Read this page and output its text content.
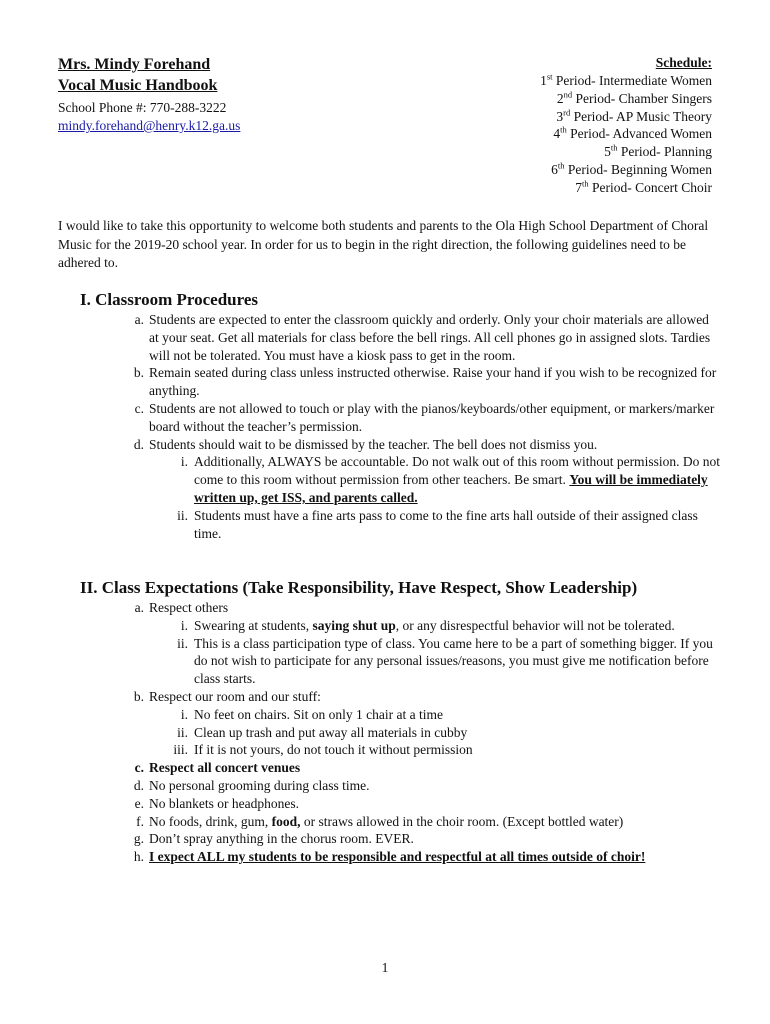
Mrs. Mindy Forehand
Vocal Music Handbook
School Phone #: 770-288-3222
mindy.forehand@henry.k12.ga.us
Schedule:
1st Period- Intermediate Women
2nd Period- Chamber Singers
3rd Period- AP Music Theory
4th Period- Advanced Women
5th Period- Planning
6th Period- Beginning Women
7th Period- Concert Choir
I would like to take this opportunity to welcome both students and parents to the Ola High School Department of Choral Music for the 2019-20 school year. In order for us to begin in the right direction, the following guidelines need to be adhered to.
I. Classroom Procedures
a. Students are expected to enter the classroom quickly and orderly. Only your choir materials are allowed at your seat. Get all materials for class before the bell rings. All cell phones go in assigned slots. Tardies will not be tolerated. You must have a kiosk pass to get in the room.
b. Remain seated during class unless instructed otherwise. Raise your hand if you wish to be recognized for anything.
c. Students are not allowed to touch or play with the pianos/keyboards/other equipment, or markers/marker board without the teacher’s permission.
d. Students should wait to be dismissed by the teacher. The bell does not dismiss you.
i. Additionally, ALWAYS be accountable. Do not walk out of this room without permission. Do not come to this room without permission from other teachers. Be smart. You will be immediately written up, get ISS, and parents called.
ii. Students must have a fine arts pass to come to the fine arts hall outside of their assigned class time.
II. Class Expectations (Take Responsibility, Have Respect, Show Leadership)
a. Respect others
i. Swearing at students, saying shut up, or any disrespectful behavior will not be tolerated.
ii. This is a class participation type of class. You came here to be a part of something bigger. If you do not wish to participate for any personal issues/reasons, you must give me notification before class starts.
b. Respect our room and our stuff:
i. No feet on chairs. Sit on only 1 chair at a time
ii. Clean up trash and put away all materials in cubby
iii. If it is not yours, do not touch it without permission
c. Respect all concert venues
d. No personal grooming during class time.
e. No blankets or headphones.
f. No foods, drink, gum, food, or straws allowed in the choir room. (Except bottled water)
g. Don’t spray anything in the chorus room. EVER.
h. I expect ALL my students to be responsible and respectful at all times outside of choir!
1
